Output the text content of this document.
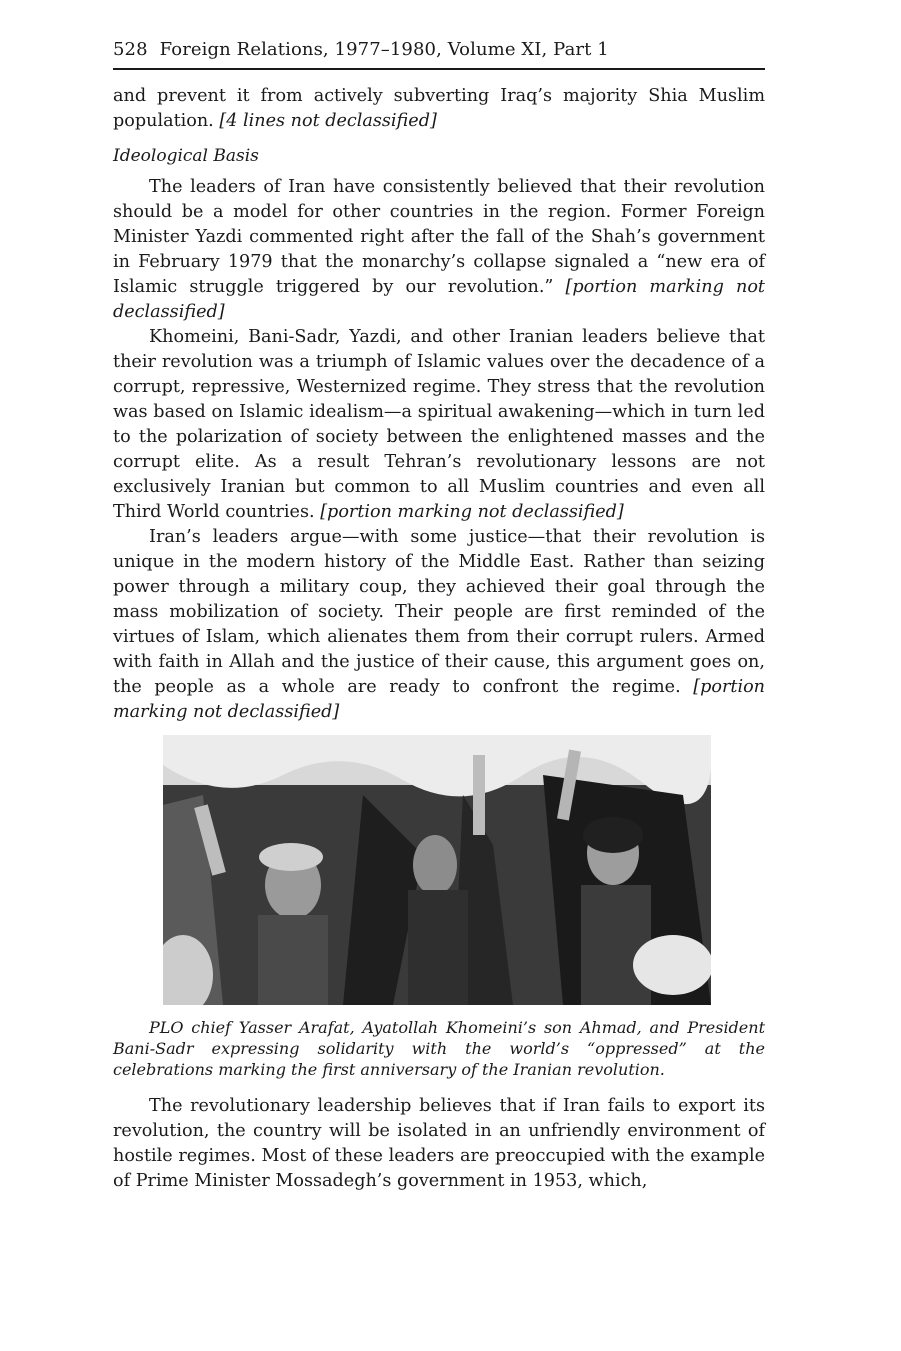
528 Foreign Relations, 1977–1980, Volume XI, Part 1

and prevent it from actively subverting Iraq’s majority Shia Muslim population. [4 lines not declassified]

Ideological Basis

The leaders of Iran have consistently believed that their revolution should be a model for other countries in the region. Former Foreign Minister Yazdi commented right after the fall of the Shah’s government in February 1979 that the monarchy’s collapse signaled a “new era of Islamic struggle triggered by our revolution.” [portion marking not declassified]

Khomeini, Bani-Sadr, Yazdi, and other Iranian leaders believe that their revolution was a triumph of Islamic values over the decadence of a corrupt, repressive, Westernized regime. They stress that the revolution was based on Islamic idealism—a spiritual awakening—which in turn led to the polarization of society between the enlightened masses and the corrupt elite. As a result Tehran’s revolutionary lessons are not exclusively Iranian but common to all Muslim countries and even all Third World countries. [portion marking not declassified]

Iran’s leaders argue—with some justice—that their revolution is unique in the modern history of the Middle East. Rather than seizing power through a military coup, they achieved their goal through the mass mobilization of society. Their people are first reminded of the virtues of Islam, which alienates them from their corrupt rulers. Armed with faith in Allah and the justice of their cause, this argument goes on, the people as a whole are ready to confront the regime. [portion marking not declassified]

PLO chief Yasser Arafat, Ayatollah Khomeini’s son Ahmad, and President Bani-Sadr expressing solidarity with the world’s “oppressed” at the celebrations marking the first anniversary of the Iranian revolution.

The revolutionary leadership believes that if Iran fails to export its revolution, the country will be isolated in an unfriendly environment of hostile regimes. Most of these leaders are preoccupied with the example of Prime Minister Mossadegh’s government in 1953, which,
